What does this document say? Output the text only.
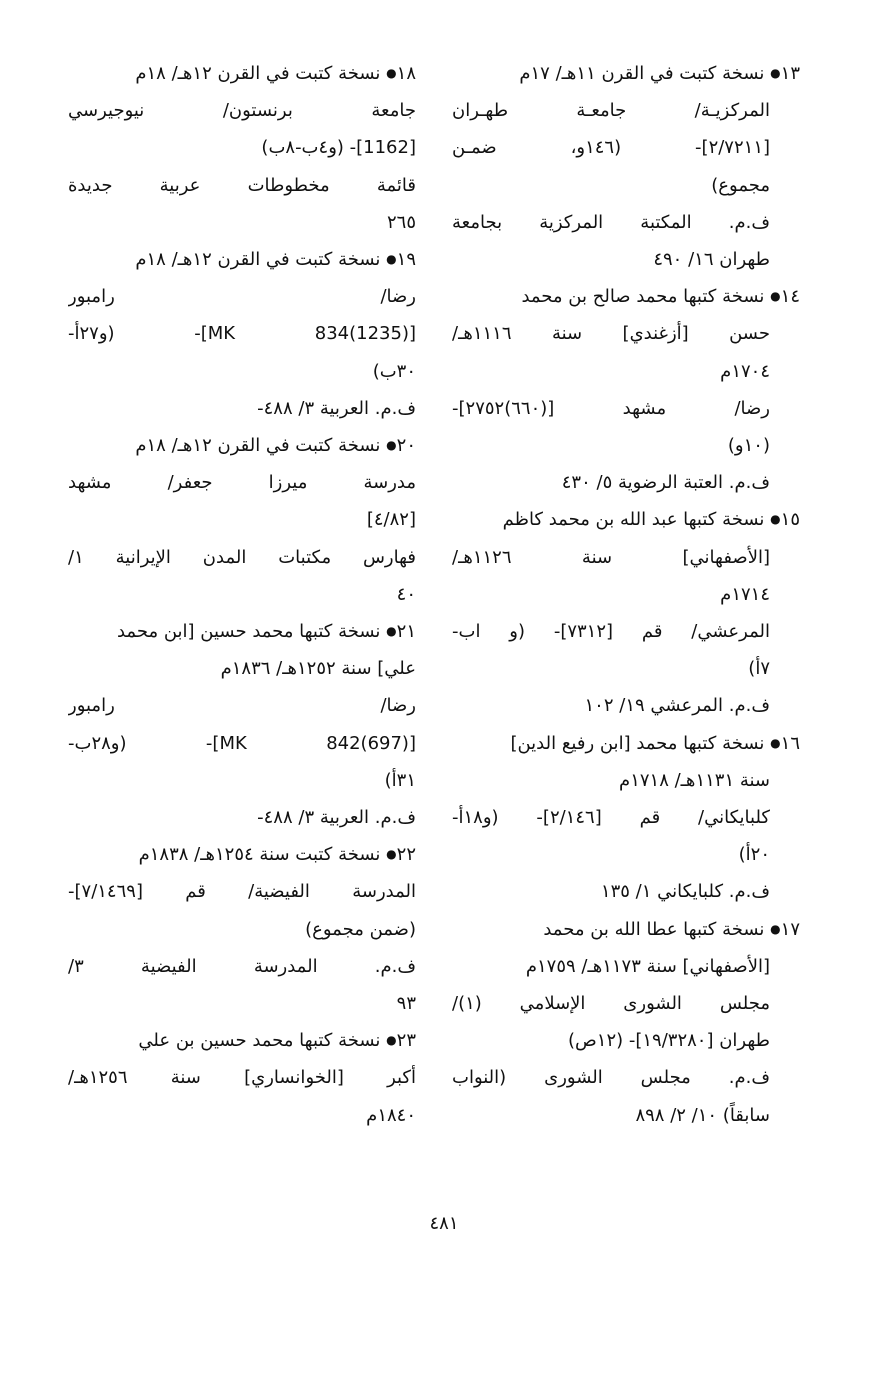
١٣● نسخة كتبت في القرن ١١هـ/ ١٧م
المركزيـة/ جامعـة طهـران
[٢/٧٢١١]- (١٤٦و، ضمـن
مجموع)
ف.م. المكتبة المركزية بجامعة
طهران ١٦/ ٤٩٠
١٤● نسخة كتبها محمد صالح بن محمد
حسن [أزغندي] سنة ١١١٦هـ/
١٧٠٤م
رضا/ مشهد [(٦٦٠)٢٧٥٢]-
(١٠و)
ف.م. العتبة الرضوية ٥/ ٤٣٠
١٥● نسخة كتبها عبد الله بن محمد كاظم
[الأصفهاني] سنة ١١٢٦هـ/
١٧١٤م
المرعشي/ قم [٧٣١٢]- (و اب-
٧أ)
ف.م. المرعشي ١٩/ ١٠٢
١٦● نسخة كتبها محمد [ابن رفيع الدين]
سنة ١١٣١هـ/ ١٧١٨م
كلبايكاني/ قم [٢/١٤٦]- (و١٨أ-
٢٠أ)
ف.م. كلبايكاني ١/ ١٣٥
١٧● نسخة كتبها عطا الله بن محمد
[الأصفهاني] سنة ١١٧٣هـ/ ١٧٥٩م
مجلس الشورى الإسلامي (١)/
طهران [١٩/٣٢٨٠]- (١٢ص)
ف.م. مجلس الشورى (النواب
سابقاً) ١٠/ ٢/ ٨٩٨
١٨● نسخة كتبت في القرن ١٢هـ/ ١٨م
جامعة برنستون/ نيوجيرسي
[1162]- (و٤ب-٨ب)
قائمة مخطوطات عربية جديدة
٢٦٥
١٩● نسخة كتبت في القرن ١٢هـ/ ١٨م
رضا/ رامبور
[MK 834(1235)]- (و٢٧أ-
٣٠ب)
ف.م. العربية ٣/ ٤٨٨-
٢٠● نسخة كتبت في القرن ١٢هـ/ ١٨م
مدرسة ميرزا جعفر/ مشهد
[٤/٨٢]
فهارس مكتبات المدن الإيرانية ١/
٤٠
٢١● نسخة كتبها محمد حسين [ابن محمد
علي] سنة ١٢٥٢هـ/ ١٨٣٦م
رضا/ رامبور
[MK 842(697)]- (و٢٨ب-
٣١أ)
ف.م. العربية ٣/ ٤٨٨-
٢٢● نسخة كتبت سنة ١٢٥٤هـ/ ١٨٣٨م
المدرسة الفيضية/ قم [٧/١٤٦٩]-
(ضمن مجموع)
ف.م. المدرسة الفيضية ٣/
٩٣
٢٣● نسخة كتبها محمد حسين بن علي
أكبر [الخوانساري] سنة ١٢٥٦هـ/
١٨٤٠م
٤٨١
